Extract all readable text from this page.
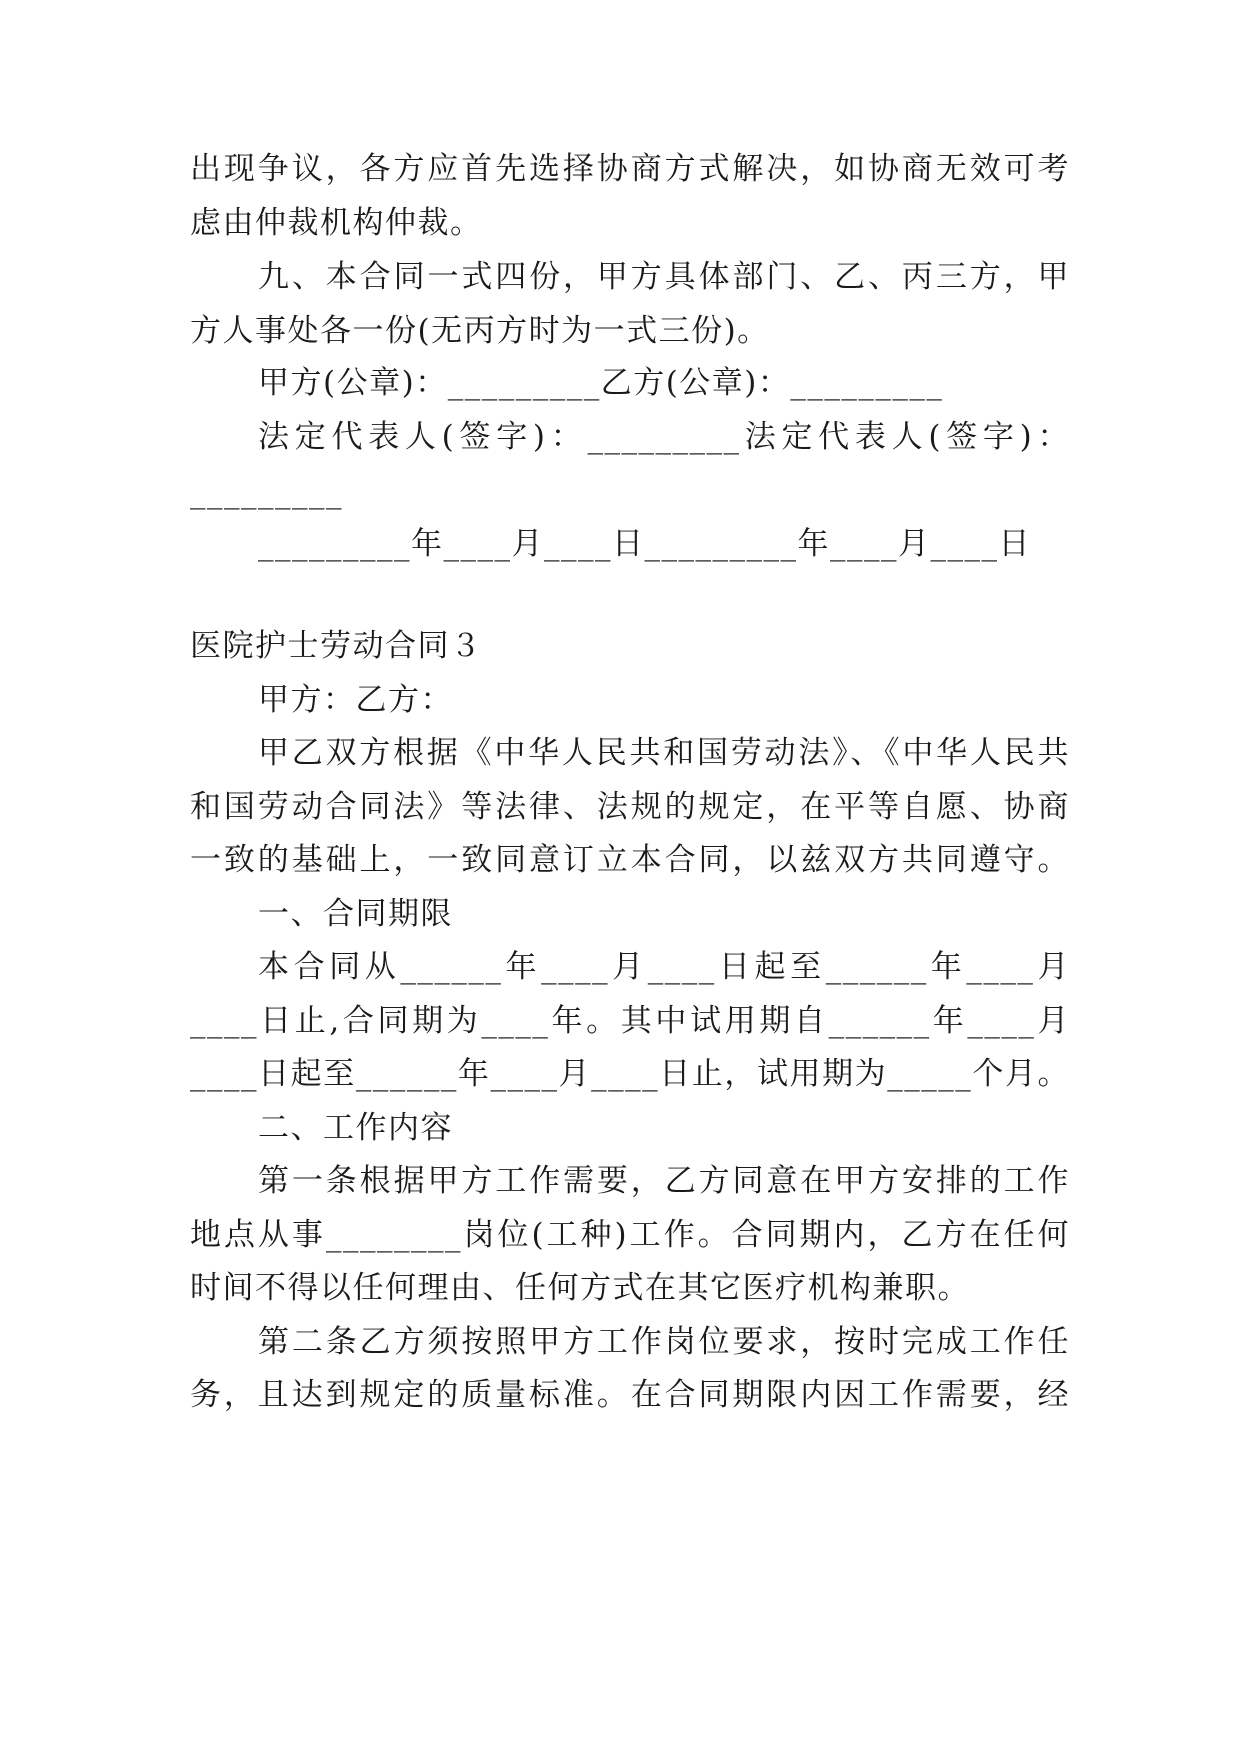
出现争议，各方应首先选择协商方式解决，如协商无效可考
虑由仲裁机构仲裁。
九、本合同一式四份，甲方具体部门、乙、丙三方，甲
方人事处各一份(无丙方时为一式三份)。
甲方(公章)：_________乙方(公章)：_________
法定代表人(签字)：_________法定代表人(签字)：
_________
_________年____月____日_________年____月____日
医院护士劳动合同３
甲方：乙方：
甲乙双方根据《中华人民共和国劳动法》、《中华人民共
和国劳动合同法》等法律、法规的规定，在平等自愿、协商
一致的基础上，一致同意订立本合同，以兹双方共同遵守。
一、合同期限
本合同从______年____月____日起至______年____月
____日止,合同期为____年。其中试用期自______年____月
____日起至______年____月____日止，试用期为_____个月。
二、工作内容
第一条根据甲方工作需要，乙方同意在甲方安排的工作
地点从事________岗位(工种)工作。合同期内，乙方在任何
时间不得以任何理由、任何方式在其它医疗机构兼职。
第二条乙方须按照甲方工作岗位要求，按时完成工作任
务，且达到规定的质量标准。在合同期限内因工作需要，经
